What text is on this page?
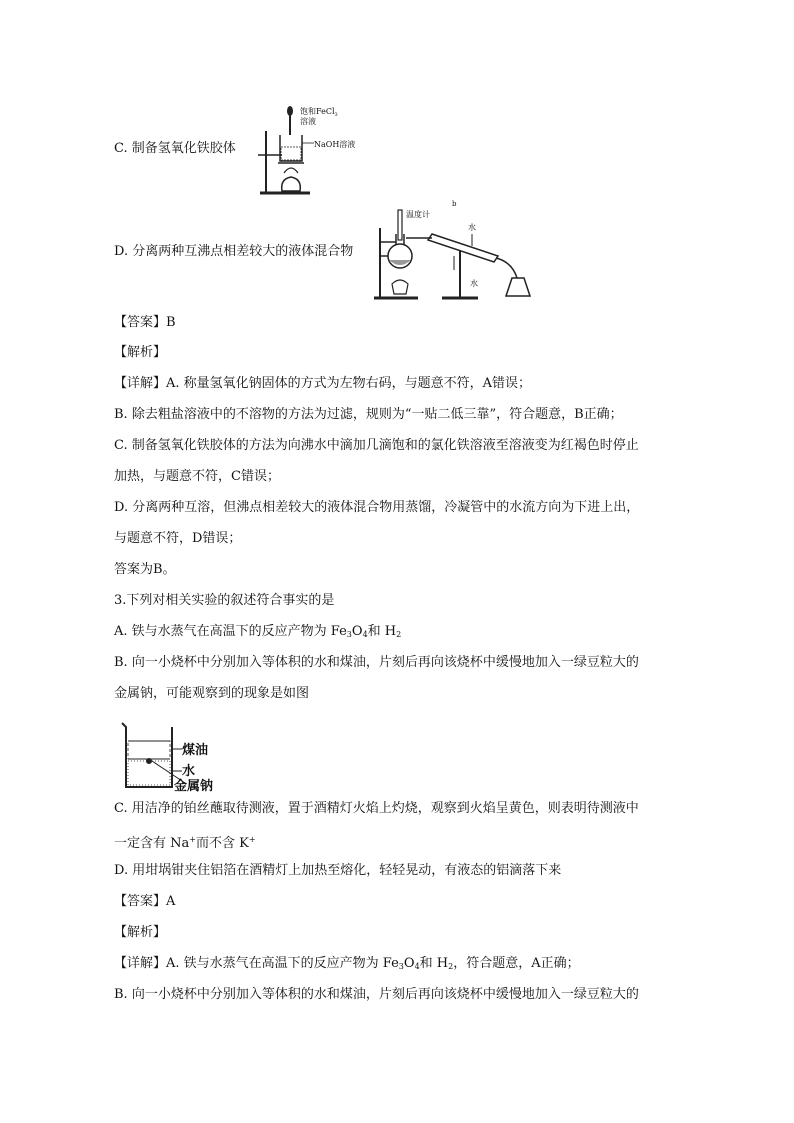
C. 制备氢氧化铁胶体
饱和FeCl$_3$
溶液
NaOH溶液
D. 分离两种互沸点相差较大的液体混合物
b
温度计
水
水
【答案】B
【解析】
【详解】A. 称量氢氧化钠固体的方式为左物右码，与题意不符，A错误；
B. 除去粗盐溶液中的不溶物的方法为过滤，规则为“一贴二低三靠”，符合题意，B正确；
C. 制备氢氧化铁胶体的方法为向沸水中滴加几滴饱和的氯化铁溶液至溶液变为红褐色时停止
加热，与题意不符，C错误；
D. 分离两种互溶，但沸点相差较大的液体混合物用蒸馏，冷凝管中的水流方向为下进上出，
与题意不符，D错误；
答案为B。
3.下列对相关实验的叙述符合事实的是
A. 铁与水蒸气在高温下的反应产物为 $Fe_3O_4$和 $H_2$
B. 向一小烧杯中分别加入等体积的水和煤油，片刻后再向该烧杯中缓慢地加入一绿豆粒大的
金属钠，可能观察到的现象是如图
煤油
水
金属钠
C. 用洁净的铂丝蘸取待测液，置于酒精灯火焰上灼烧，观察到火焰呈黄色，则表明待测液中
一定含有 Na+而不含 K+
D. 用坩埚钳夹住铝箔在酒精灯上加热至熔化，轻轻晃动，有液态的铝滴落下来
【答案】A
【解析】
【详解】A. 铁与水蒸气在高温下的反应产物为 $Fe_3O_4$和 $H_2$，符合题意，A正确；
B. 向一小烧杯中分别加入等体积的水和煤油，片刻后再向该烧杯中缓慢地加入一绿豆粒大的
